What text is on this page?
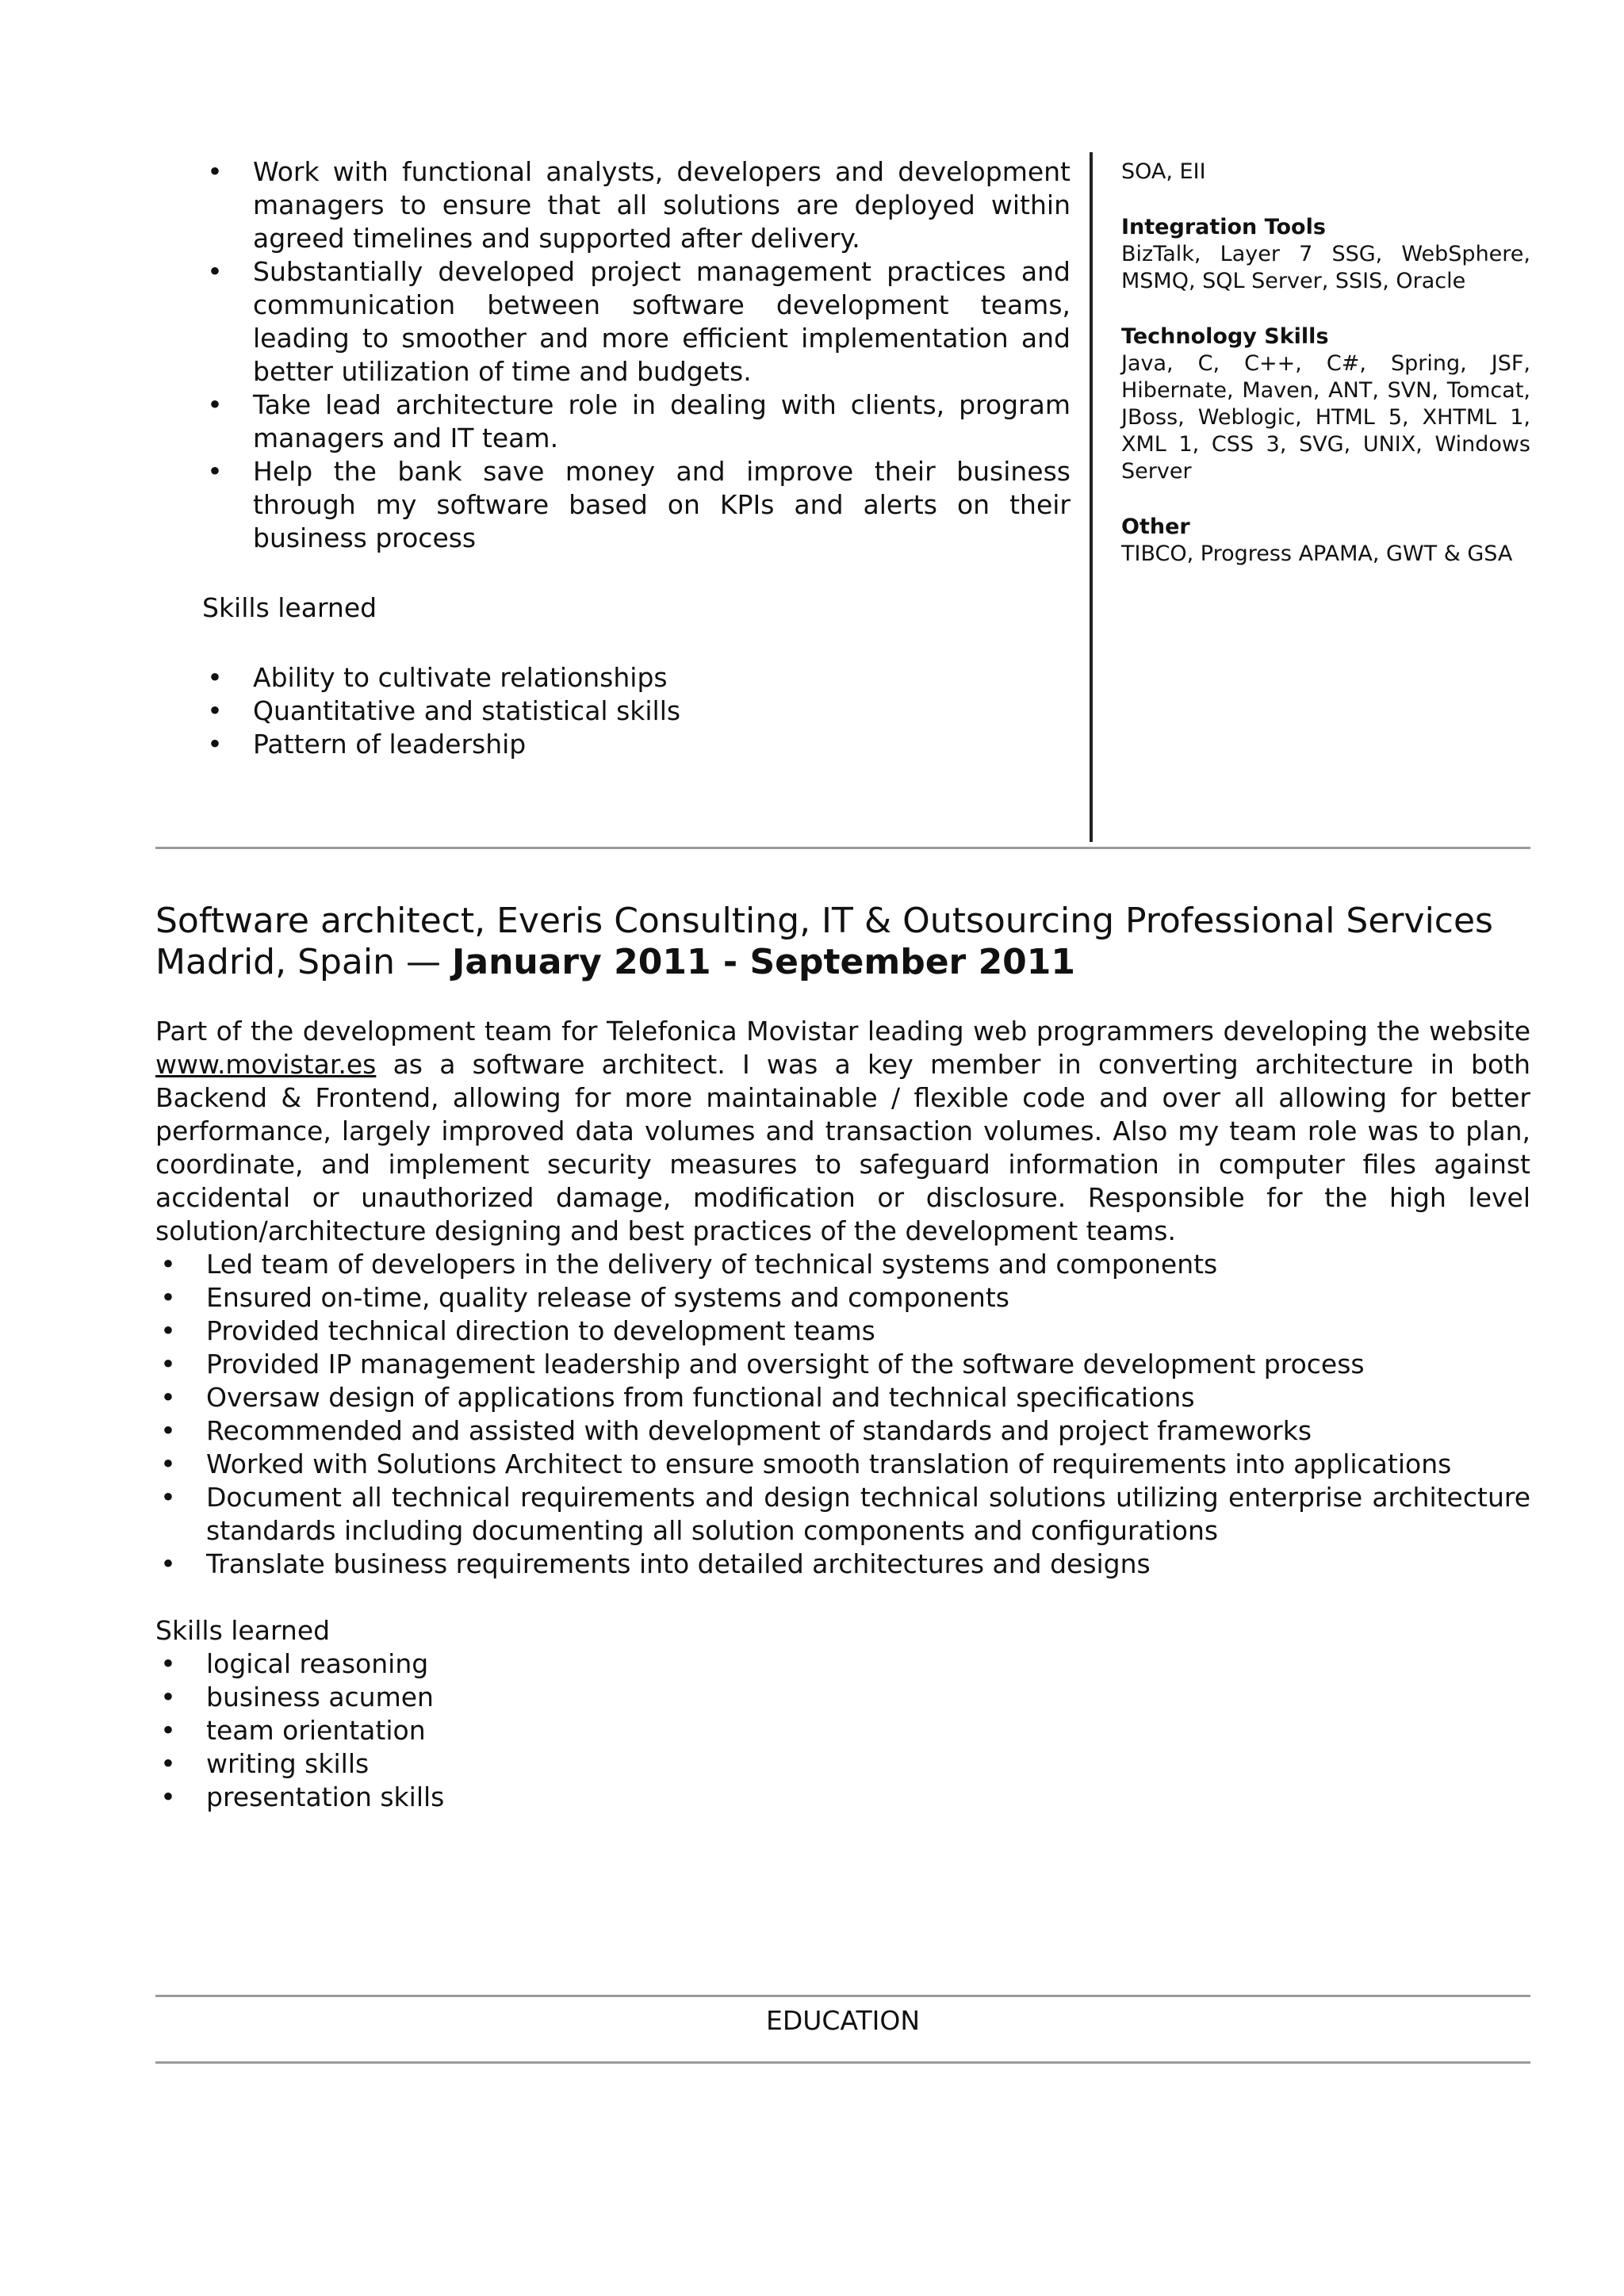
• Work with functional analysts, developers and development managers to ensure that all solutions are deployed within agreed timelines and supported after delivery.
• Substantially developed project management practices and communication between software development teams, leading to smoother and more efficient implementation and better utilization of time and budgets.
• Take lead architecture role in dealing with clients, program managers and IT team.
• Help the bank save money and improve their business through my software based on KPIs and alerts on their business process
Skills learned
• Ability to cultivate relationships
• Quantitative and statistical skills
• Pattern of leadership
SOA, EII
Integration Tools
BizTalk, Layer 7 SSG, WebSphere, MSMQ, SQL Server, SSIS, Oracle
Technology Skills
Java, C, C++, C#, Spring, JSF, Hibernate, Maven, ANT, SVN, Tomcat, JBoss, Weblogic, HTML 5, XHTML 1, XML 1, CSS 3, SVG, UNIX, Windows Server
Other
TIBCO, Progress APAMA, GWT & GSA
Software architect, Everis Consulting, IT & Outsourcing Professional Services
Madrid, Spain — January 2011 - September 2011
Part of the development team for Telefonica Movistar leading web programmers developing the website www.movistar.es as a software architect. I was a key member in converting architecture in both Backend & Frontend, allowing for more maintainable / flexible code and over all allowing for better performance, largely improved data volumes and transaction volumes. Also my team role was to plan, coordinate, and implement security measures to safeguard information in computer files against accidental or unauthorized damage, modification or disclosure. Responsible for the high level solution/architecture designing and best practices of the development teams.
• Led team of developers in the delivery of technical systems and components
• Ensured on-time, quality release of systems and components
• Provided technical direction to development teams
• Provided IP management leadership and oversight of the software development process
• Oversaw design of applications from functional and technical specifications
• Recommended and assisted with development of standards and project frameworks
• Worked with Solutions Architect to ensure smooth translation of requirements into applications
• Document all technical requirements and design technical solutions utilizing enterprise architecture standards including documenting all solution components and configurations
• Translate business requirements into detailed architectures and designs
Skills learned
• logical reasoning
• business acumen
• team orientation
• writing skills
• presentation skills
EDUCATION
